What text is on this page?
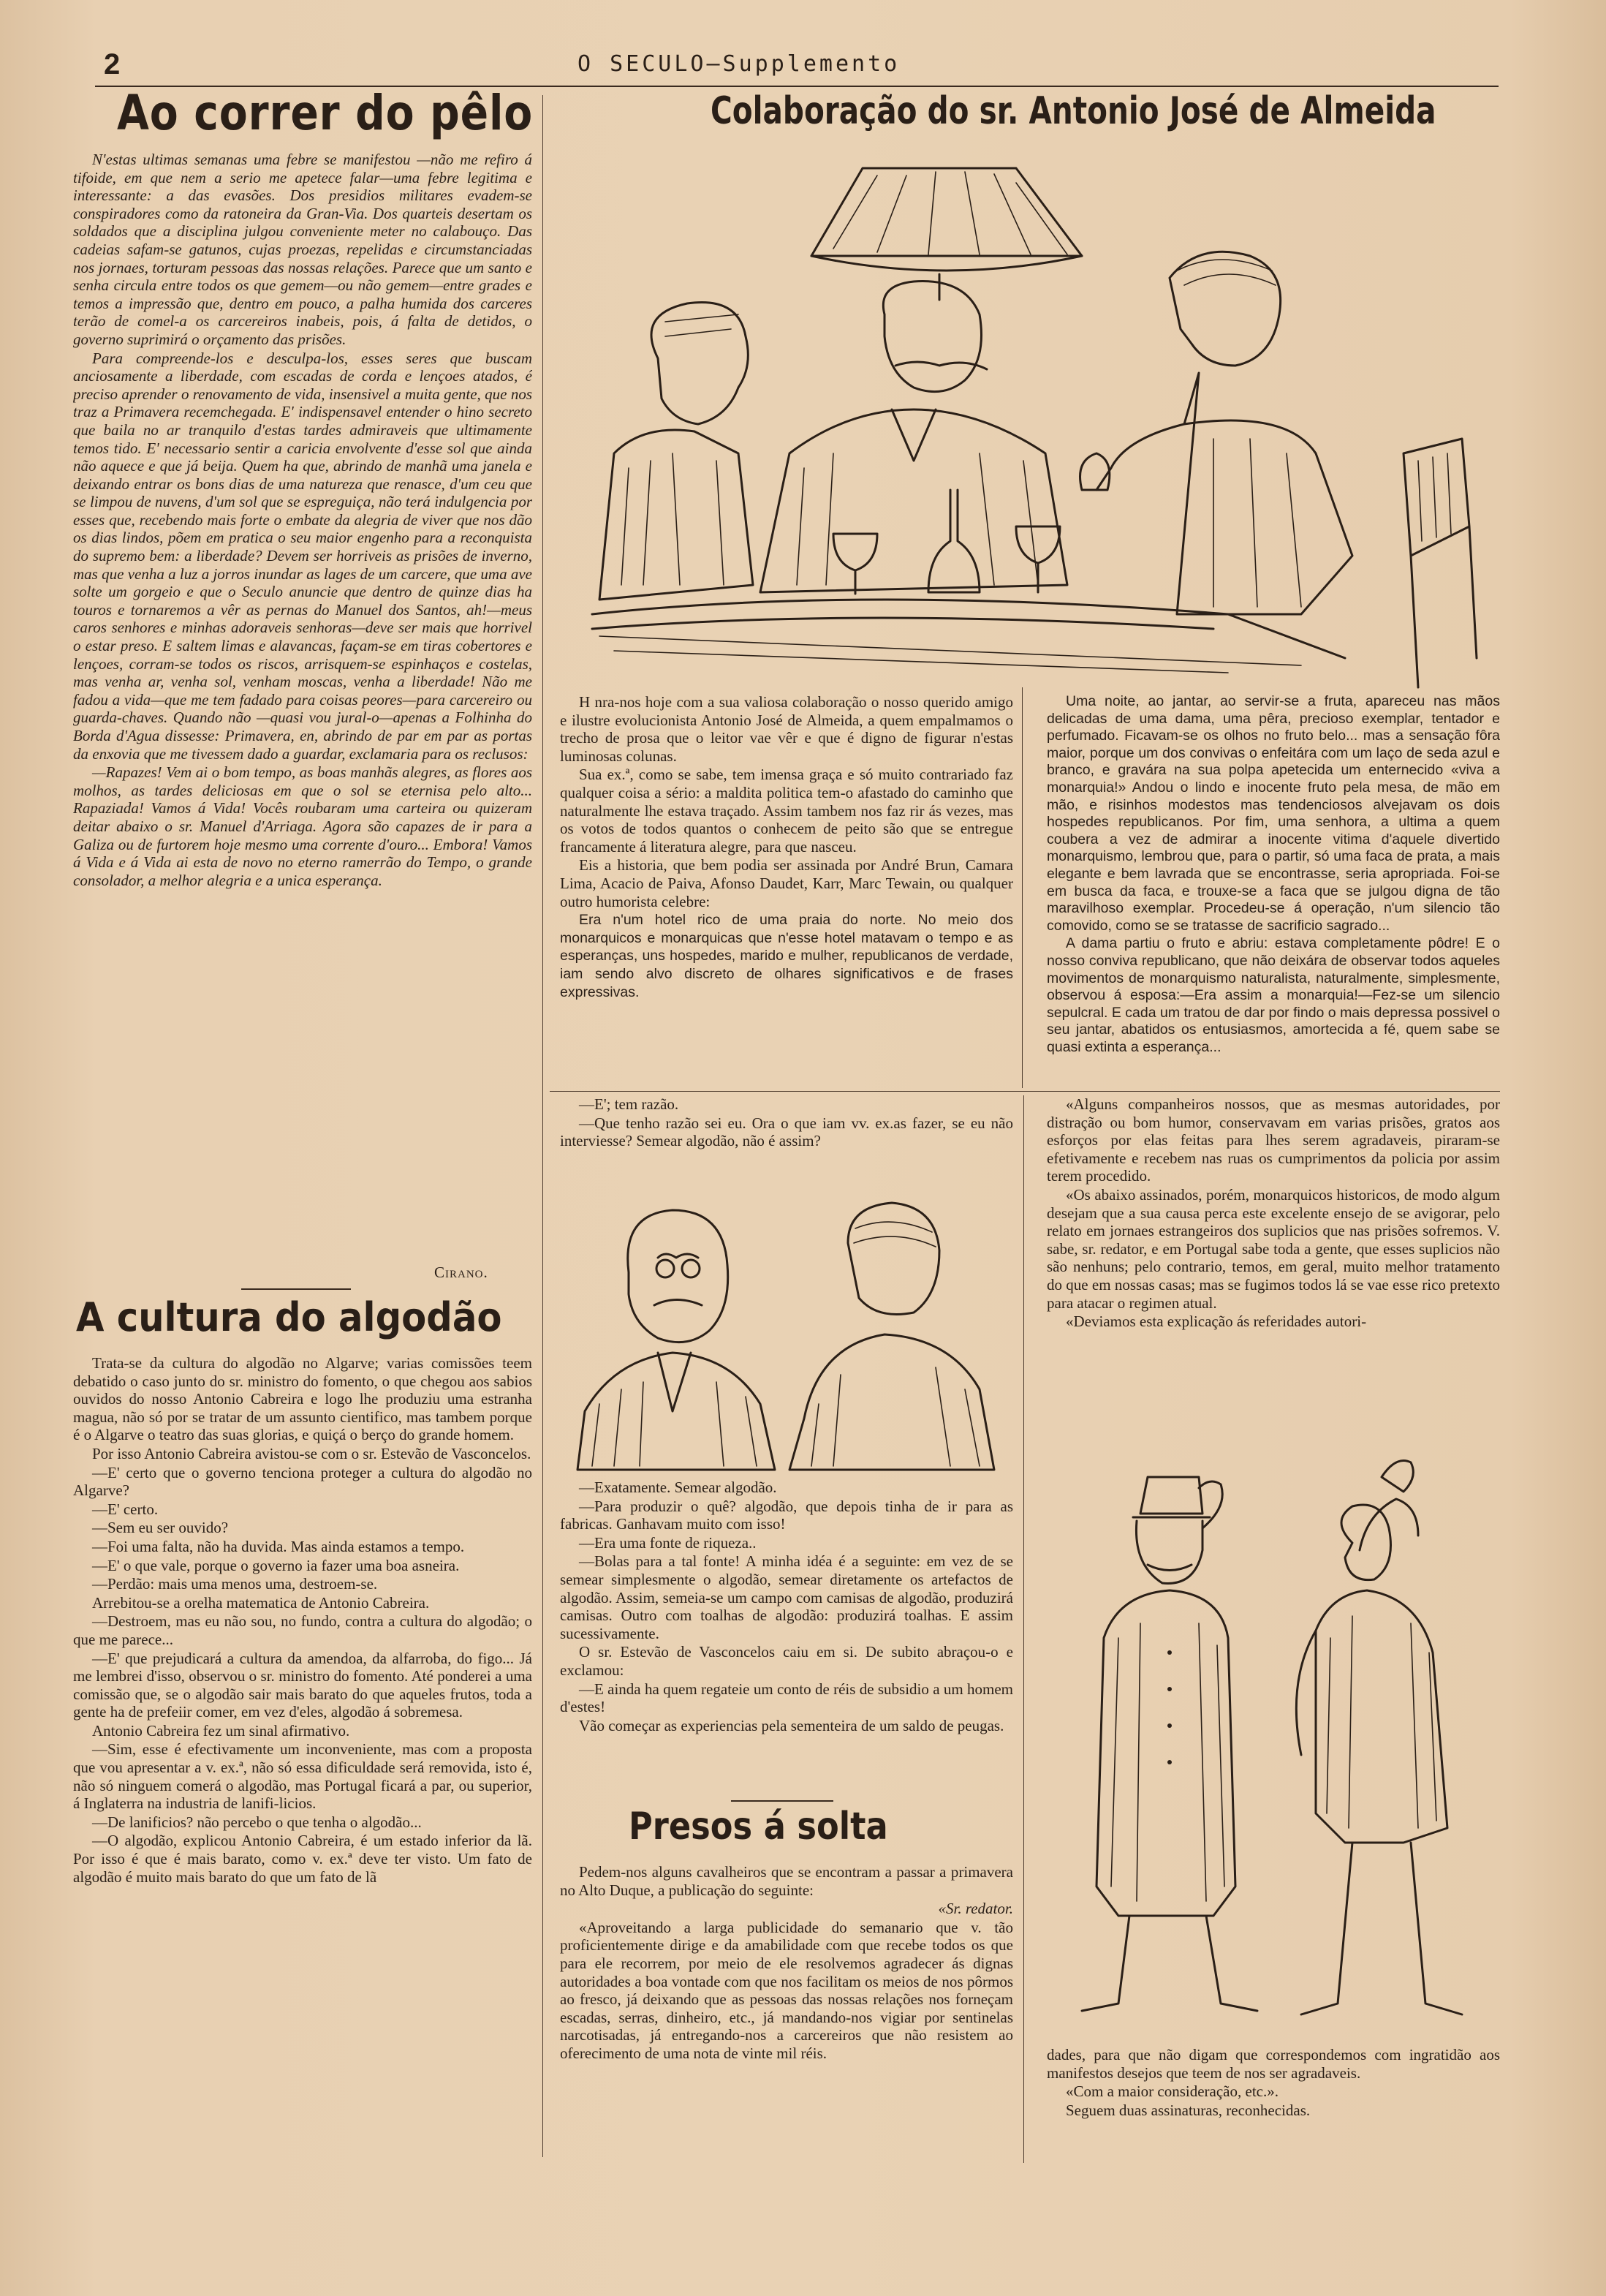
2	O SECULO—Supplemento
Ao correr do pêlo

N'estas ultimas semanas uma febre se manifestou —não me refiro á tifoide, em que nem a serio me apetece falar—uma febre legitima e interessante: a das evasões. Dos presidios militares evadem-se conspiradores como da ratoneira da Gran-Via. Dos quarteis desertam os soldados que a disciplina julgou conveniente meter no calabouço. Das cadeias safam-se gatunos, cujas proezas, repelidas e circumstanciadas nos jornaes, torturam pessoas das nossas relações. Parece que um santo e senha circula entre todos os que gemem—ou não gemem—entre grades e temos a impressão que, dentro em pouco, a palha humida dos carceres terão de comel-a os carcereiros inabeis, pois, á falta de detidos, o governo suprimirá o orçamento das prisões.

Para compreende-los e desculpa-los, esses seres que buscam anciosamente a liberdade, com escadas de corda e lençoes atados, é preciso aprender o renovamento de vida, insensivel a muita gente, que nos traz a Primavera recemchegada. E' indispensavel entender o hino secreto que baila no ar tranquilo d'estas tardes admiraveis que ultimamente temos tido. E' necessario sentir a caricia envolvente d'esse sol que ainda não aquece e que já beija. Quem ha que, abrindo de manhã uma janela e deixando entrar os bons dias de uma natureza que renasce, d'um ceu que se limpou de nuvens, d'um sol que se espreguiça, não terá indulgencia por esses que, recebendo mais forte o embate da alegria de viver que nos dão os dias lindos, põem em pratica o seu maior engenho para a reconquista do supremo bem: a liberdade? Devem ser horriveis as prisões de inverno, mas que venha a luz a jorros inundar as lages de um carcere, que uma ave solte um gorgeio e que o Seculo anuncie que dentro de quinze dias ha touros e tornaremos a vêr as pernas do Manuel dos Santos, ah!—meus caros senhores e minhas adoraveis senhoras—deve ser mais que horrivel o estar preso. E saltem limas e alavancas, façam-se em tiras cobertores e lençoes, corram-se todos os riscos, arrisquem-se espinhaços e costelas, mas venha ar, venha sol, venham moscas, venha a liberdade! Não me fadou a vida—que me tem fadado para coisas peores—para carcereiro ou guarda-chaves. Quando não —quasi vou jural-o—apenas a Folhinha do Borda d'Agua dissesse: Primavera, en, abrindo de par em par as portas da enxovia que me tivessem dado a guardar, exclamaria para os reclusos:

—Rapazes! Vem ai o bom tempo, as boas manhãs alegres, as flores aos molhos, as tardes deliciosas em que o sol se eternisa pelo alto... Rapaziada! Vamos á Vida! Vocês roubaram uma carteira ou quizeram deitar abaixo o sr. Manuel d'Arriaga. Agora são capazes de ir para a Galiza ou de furtorem hoje mesmo uma corrente d'ouro... Embora! Vamos á Vida e á Vida ai esta de novo no eterno ramerrão do Tempo, o grande consolador, a melhor alegria e a unica esperança.

Cirano.
A cultura do algodão

Trata-se da cultura do algodão no Algarve; varias comissões teem debatido o caso junto do sr. ministro do fomento, o que chegou aos sabios ouvidos do nosso Antonio Cabreira e logo lhe produziu uma estranha magua, não só por se tratar de um assunto cientifico, mas tambem porque é o Algarve o teatro das suas glorias, e quiçá o berço do grande homem.

Por isso Antonio Cabreira avistou-se com o sr. Estevão de Vasconcelos.

—E' certo que o governo tenciona proteger a cultura do algodão no Algarve?

—E' certo.

—Sem eu ser ouvido?

—Foi uma falta, não ha duvida. Mas ainda estamos a tempo.

—E' o que vale, porque o governo ia fazer uma boa asneira.

—Perdão: mais uma menos uma, destroem-se.

Arrebitou-se a orelha matematica de Antonio Cabreira.

—Destroem, mas eu não sou, no fundo, contra a cultura do algodão; o que me parece...

—E' que prejudicará a cultura da amendoa, da alfarroba, do figo... Já me lembrei d'isso, observou o sr. ministro do fomento. Até ponderei a uma comissão que, se o algodão sair mais barato do que aqueles frutos, toda a gente ha de prefeiir comer, em vez d'eles, algodão á sobremesa.

Antonio Cabreira fez um sinal afirmativo.

—Sim, esse é efectivamente um inconveniente, mas com a proposta que vou apresentar a v. ex.ª, não só essa dificuldade será removida, isto é, não só ninguem comerá o algodão, mas Portugal ficará a par, ou superior, á Inglaterra na industria de lanifi-licios.

—De lanificios? não percebo o que tenha o algodão...

—O algodão, explicou Antonio Cabreira, é um estado inferior da lã. Por isso é que é mais barato, como v. ex.ª deve ter visto. Um fato de algodão é muito mais barato do que um fato de lã

Colaboração do sr. Antonio José de Almeida

H nra-nos hoje com a sua valiosa colaboração o nosso querido amigo e ilustre evolucionista Antonio José de Almeida, a quem empalmamos o trecho de prosa que o leitor vae vêr e que é digno de figurar n'estas luminosas colunas.

Sua ex.ª, como se sabe, tem imensa graça e só muito contrariado faz qualquer coisa a sério: a maldita politica tem-o afastado do caminho que naturalmente lhe estava traçado. Assim tambem nos faz rir ás vezes, mas os votos de todos quantos o conhecem de peito são que se entregue francamente á literatura alegre, para que nasceu.

Eis a historia, que bem podia ser assinada por André Brun, Camara Lima, Acacio de Paiva, Afonso Daudet, Karr, Marc Tewain, ou qualquer outro humorista celebre:

Era n'um hotel rico de uma praia do norte. No meio dos monarquicos e monarquicas que n'esse hotel matavam o tempo e as esperanças, uns hospedes, marido e mulher, republicanos de verdade, iam sendo alvo discreto de olhares significativos e de frases expressivas.

Uma noite, ao jantar, ao servir-se a fruta, apareceu nas mãos delicadas de uma dama, uma pêra, precioso exemplar, tentador e perfumado. Ficavam-se os olhos no fruto belo... mas a sensação fôra maior, porque um dos convivas o enfeitára com um laço de seda azul e branco, e gravára na sua polpa apetecida um enternecido «viva a monarquia!» Andou o lindo e inocente fruto pela mesa, de mão em mão, e risinhos modestos mas tendenciosos alvejavam os dois hospedes republicanos. Por fim, uma senhora, a ultima a quem coubera a vez de admirar a inocente vitima d'aquele divertido monarquismo, lembrou que, para o partir, só uma faca de prata, a mais elegante e bem lavrada que se encontrasse, seria apropriada. Foi-se em busca da faca, e trouxe-se a faca que se julgou digna de tão maravilhoso exemplar. Procedeu-se á operação, n'um silencio tão comovido, como se se tratasse de sacrificio sagrado...

A dama partiu o fruto e abriu: estava completamente pôdre! E o nosso conviva republicano, que não deixára de observar todos aqueles movimentos de monarquismo naturalista, naturalmente, simplesmente, observou á esposa:—Era assim a monarquia!—Fez-se um silencio sepulcral. E cada um tratou de dar por findo o mais depressa possivel o seu jantar, abatidos os entusiasmos, amortecida a fé, quem sabe se quasi extinta a esperança...

—E'; tem razão.

—Que tenho razão sei eu. Ora o que iam vv. ex.as fazer, se eu não interviesse? Semear algodão, não é assim?

—Exatamente. Semear algodão.

—Para produzir o quê? algodão, que depois tinha de ir para as fabricas. Ganhavam muito com isso!

—Era uma fonte de riqueza..

—Bolas para a tal fonte! A minha idéa é a seguinte: em vez de se semear simplesmente o algodão, semear diretamente os artefactos de algodão. Assim, semeia-se um campo com camisas de algodão, produzirá camisas. Outro com toalhas de algodão: produzirá toalhas. E assim sucessivamente.

O sr. Estevão de Vasconcelos caiu em si. De subito abraçou-o e exclamou:

—E ainda ha quem regateie um conto de réis de subsidio a um homem d'estes!

Vão começar as experiencias pela sementeira de um saldo de peugas.

Presos á solta

Pedem-nos alguns cavalheiros que se encontram a passar a primavera no Alto Duque, a publicação do seguinte:

«Sr. redator.

«Aproveitando a larga publicidade do semanario que v. tão proficientemente dirige e da amabilidade com que recebe todos os que para ele recorrem, por meio de ele resolvemos agradecer ás dignas autoridades a boa vontade com que nos facilitam os meios de nos pôrmos ao fresco, já deixando que as pessoas das nossas relações nos forneçam escadas, serras, dinheiro, etc., já mandando-nos vigiar por sentinelas narcotisadas, já entregando-nos a carcereiros que não resistem ao oferecimento de uma nota de vinte mil réis.

«Alguns companheiros nossos, que as mesmas autoridades, por distração ou bom humor, conservavam em varias prisões, gratos aos esforços por elas feitas para lhes serem agradaveis, piraram-se efetivamente e recebem nas ruas os cumprimentos da policia por assim terem procedido.

«Os abaixo assinados, porém, monarquicos historicos, de modo algum desejam que a sua causa perca este excelente ensejo de se avigorar, pelo relato em jornaes estrangeiros dos suplicios que nas prisões sofremos. V. sabe, sr. redator, e em Portugal sabe toda a gente, que esses suplicios não são nenhuns; pelo contrario, temos, em geral, muito melhor tratamento do que em nossas casas; mas se fugimos todos lá se vae esse rico pretexto para atacar o regimen atual.

«Deviamos esta explicação ás referidades autori-

dades, para que não digam que correspondemos com ingratidão aos manifestos desejos que teem de nos ser agradaveis.

«Com a maior consideração, etc.».

Seguem duas assinaturas, reconhecidas.
